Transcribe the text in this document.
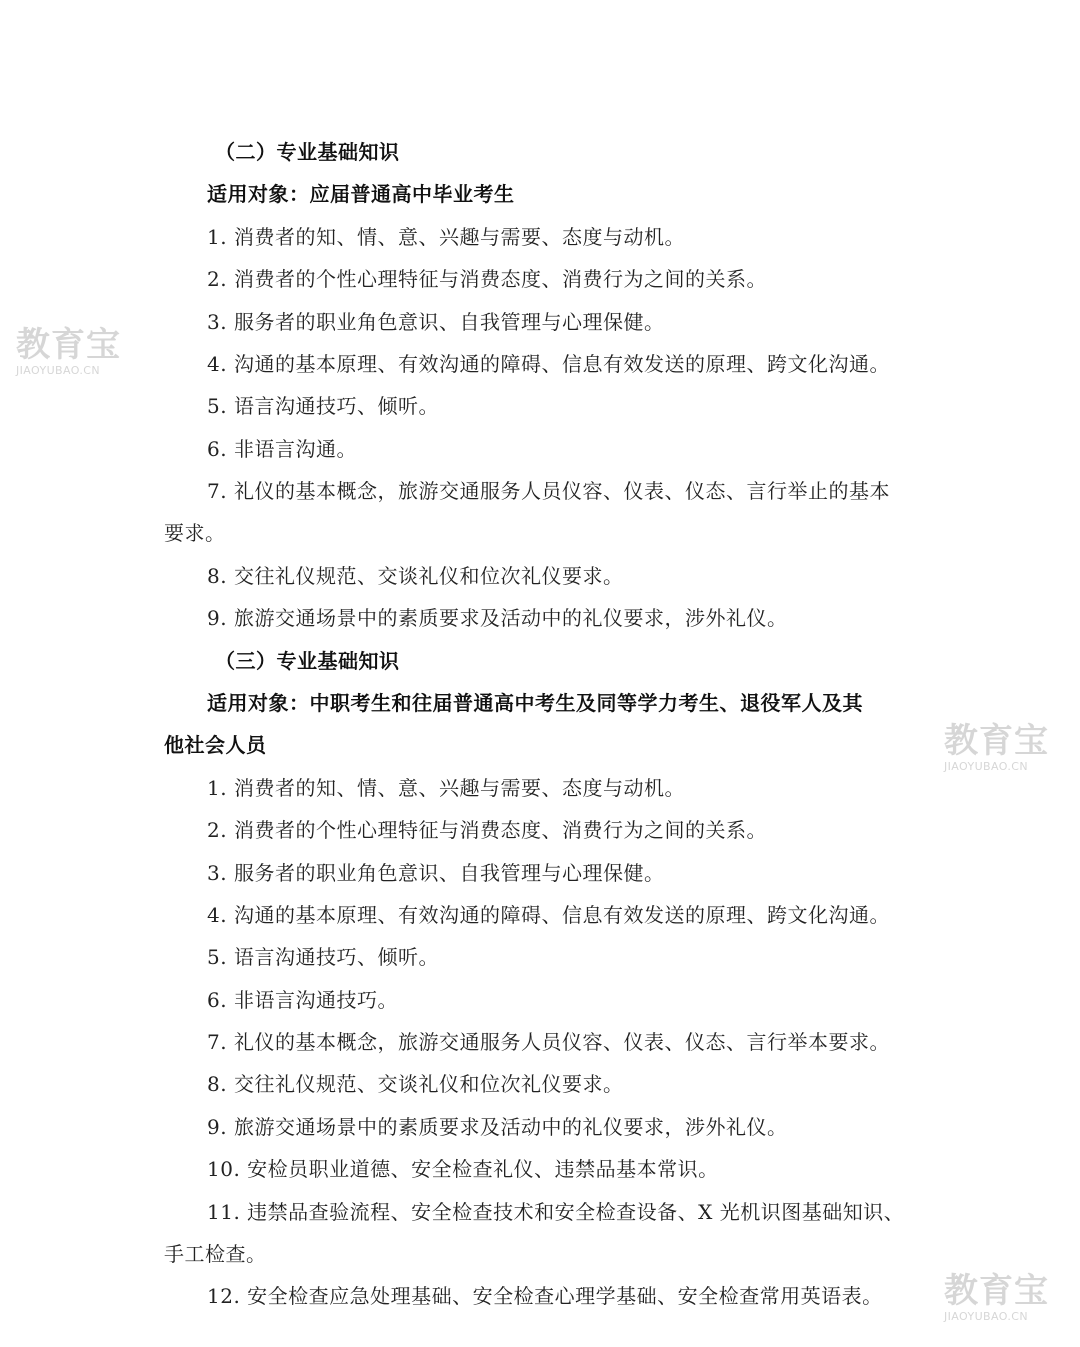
（二）专业基础知识
适用对象：应届普通高中毕业考生
1. 消费者的知、情、意、兴趣与需要、态度与动机。
2. 消费者的个性心理特征与消费态度、消费行为之间的关系。
3. 服务者的职业角色意识、自我管理与心理保健。
4. 沟通的基本原理、有效沟通的障碍、信息有效发送的原理、跨文化沟通。
5. 语言沟通技巧、倾听。
6. 非语言沟通。
7. 礼仪的基本概念，旅游交通服务人员仪容、仪表、仪态、言行举止的基本
要求。
8. 交往礼仪规范、交谈礼仪和位次礼仪要求。
9. 旅游交通场景中的素质要求及活动中的礼仪要求，涉外礼仪。
（三）专业基础知识
适用对象：中职考生和往届普通高中考生及同等学力考生、退役军人及其
他社会人员
1. 消费者的知、情、意、兴趣与需要、态度与动机。
2. 消费者的个性心理特征与消费态度、消费行为之间的关系。
3. 服务者的职业角色意识、自我管理与心理保健。
4. 沟通的基本原理、有效沟通的障碍、信息有效发送的原理、跨文化沟通。
5. 语言沟通技巧、倾听。
6. 非语言沟通技巧。
7. 礼仪的基本概念，旅游交通服务人员仪容、仪表、仪态、言行举本要求。
8. 交往礼仪规范、交谈礼仪和位次礼仪要求。
9. 旅游交通场景中的素质要求及活动中的礼仪要求，涉外礼仪。
10. 安检员职业道德、安全检查礼仪、违禁品基本常识。
11. 违禁品查验流程、安全检查技术和安全检查设备、X 光机识图基础知识、
手工检查。
12. 安全检查应急处理基础、安全检查心理学基础、安全检查常用英语表。
教育宝
JIAOYUBAO.CN
教育宝
JIAOYUBAO.CN
教育宝
JIAOYUBAO.CN
